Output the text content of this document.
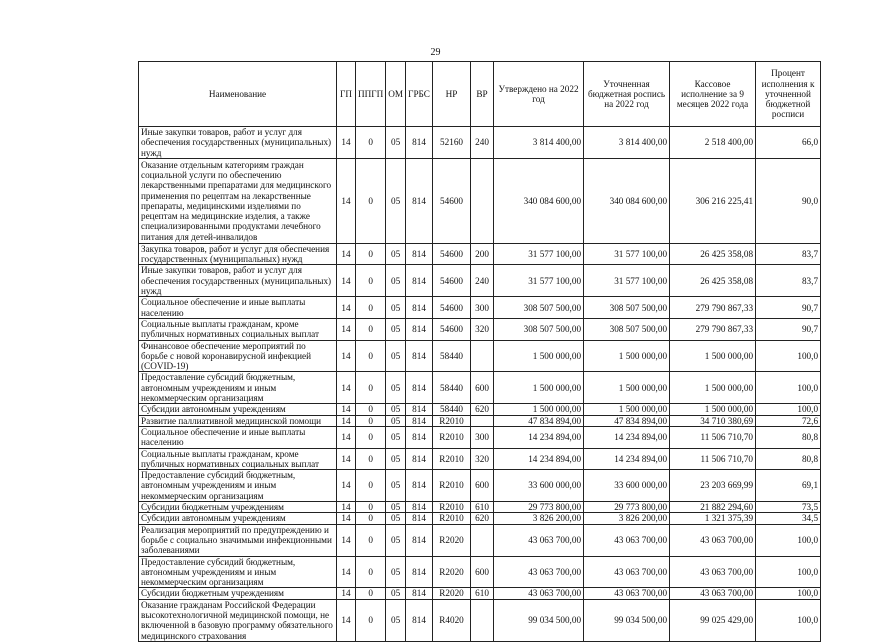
29
Наименование	ГП	ППГП	ОМ	ГРБС	НР	ВР	Утверждено на 2022 год	Уточненная бюджетная роспись на 2022 год	Кассовое исполнение за 9 месяцев 2022 года	Процент исполнения к уточненной бюджетной росписи
Иные закупки товаров, работ и услуг для обеспечения государственных (муниципальных) нужд	14	0	05	814	52160	240	3 814 400,00	3 814 400,00	2 518 400,00	66,0
Оказание отдельным категориям граждан социальной услуги по обеспечению лекарственными препаратами для медицинского применения по рецептам на лекарственные препараты, медицинскими изделиями по рецептам на медицинские изделия, а также специализированными продуктами лечебного питания для детей-инвалидов	14	0	05	814	54600		340 084 600,00	340 084 600,00	306 216 225,41	90,0
Закупка товаров, работ и услуг для обеспечения государственных (муниципальных) нужд	14	0	05	814	54600	200	31 577 100,00	31 577 100,00	26 425 358,08	83,7
Иные закупки товаров, работ и услуг для обеспечения государственных (муниципальных) нужд	14	0	05	814	54600	240	31 577 100,00	31 577 100,00	26 425 358,08	83,7
Социальное обеспечение и иные выплаты населению	14	0	05	814	54600	300	308 507 500,00	308 507 500,00	279 790 867,33	90,7
Социальные выплаты гражданам, кроме публичных нормативных социальных выплат	14	0	05	814	54600	320	308 507 500,00	308 507 500,00	279 790 867,33	90,7
Финансовое обеспечение мероприятий по борьбе с новой коронавирусной инфекцией (COVID-19)	14	0	05	814	58440		1 500 000,00	1 500 000,00	1 500 000,00	100,0
Предоставление субсидий бюджетным, автономным учреждениям и иным некоммерческим организациям	14	0	05	814	58440	600	1 500 000,00	1 500 000,00	1 500 000,00	100,0
Субсидии автономным учреждениям	14	0	05	814	58440	620	1 500 000,00	1 500 000,00	1 500 000,00	100,0
Развитие паллиативной медицинской помощи	14	0	05	814	R2010		47 834 894,00	47 834 894,00	34 710 380,69	72,6
Социальное обеспечение и иные выплаты населению	14	0	05	814	R2010	300	14 234 894,00	14 234 894,00	11 506 710,70	80,8
Социальные выплаты гражданам, кроме публичных нормативных социальных выплат	14	0	05	814	R2010	320	14 234 894,00	14 234 894,00	11 506 710,70	80,8
Предоставление субсидий бюджетным, автономным учреждениям и иным некоммерческим организациям	14	0	05	814	R2010	600	33 600 000,00	33 600 000,00	23 203 669,99	69,1
Субсидии бюджетным учреждениям	14	0	05	814	R2010	610	29 773 800,00	29 773 800,00	21 882 294,60	73,5
Субсидии автономным учреждениям	14	0	05	814	R2010	620	3 826 200,00	3 826 200,00	1 321 375,39	34,5
Реализация мероприятий по предупреждению и борьбе с социально значимыми инфекционными заболеваниями	14	0	05	814	R2020		43 063 700,00	43 063 700,00	43 063 700,00	100,0
Предоставление субсидий бюджетным, автономным учреждениям и иным некоммерческим организациям	14	0	05	814	R2020	600	43 063 700,00	43 063 700,00	43 063 700,00	100,0
Субсидии бюджетным учреждениям	14	0	05	814	R2020	610	43 063 700,00	43 063 700,00	43 063 700,00	100,0
Оказание гражданам Российской Федерации высокотехнологичной медицинской помощи, не включенной в базовую программу обязательного медицинского страхования	14	0	05	814	R4020		99 034 500,00	99 034 500,00	99 025 429,00	100,0
